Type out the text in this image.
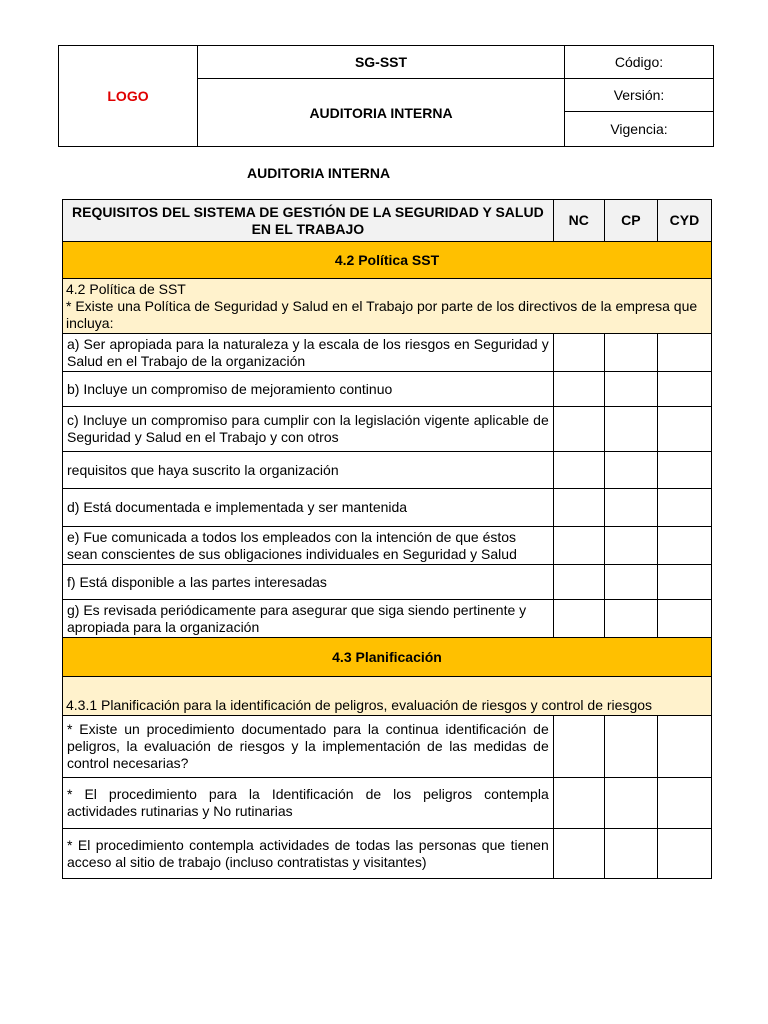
LOGO	SG-SST	Código:
	AUDITORIA INTERNA	Versión:
		Vigencia:
AUDITORIA INTERNA
REQUISITOS DEL SISTEMA DE GESTIÓN DE LA SEGURIDAD Y SALUD EN EL TRABAJO	NC	CP	CYD
4.2 Política SST			

4.2 Política de SST
* Existe una Política de Seguridad y Salud en el Trabajo por parte de los directivos de la empresa que incluya:			

a) Ser apropiada para la naturaleza y la escala de los riesgos en Seguridad y Salud en el Trabajo de la organización			
b) Incluye un compromiso de mejoramiento continuo			
c) Incluye un compromiso para cumplir con la legislación vigente aplicable de Seguridad y Salud en el Trabajo y con otros			
requisitos que haya suscrito la organización			
d) Está documentada e implementada y ser mantenida			
e) Fue comunicada a todos los empleados con la intención de que éstos sean conscientes de sus obligaciones individuales en Seguridad y Salud			
f) Está disponible a las partes interesadas			
g) Es revisada periódicamente para asegurar que siga siendo pertinente y apropiada para la organización			
4.3 Planificación			
4.3.1 Planificación para la identificación de peligros, evaluación de riesgos y control de riesgos			
* Existe un procedimiento documentado para la continua identificación de peligros, la evaluación de riesgos y la implementación de las medidas de control necesarias?			
* El procedimiento para la Identificación de los peligros contempla actividades rutinarias y No rutinarias			
* El procedimiento contempla actividades de todas las personas que tienen acceso al sitio de trabajo (incluso contratistas y visitantes)			
